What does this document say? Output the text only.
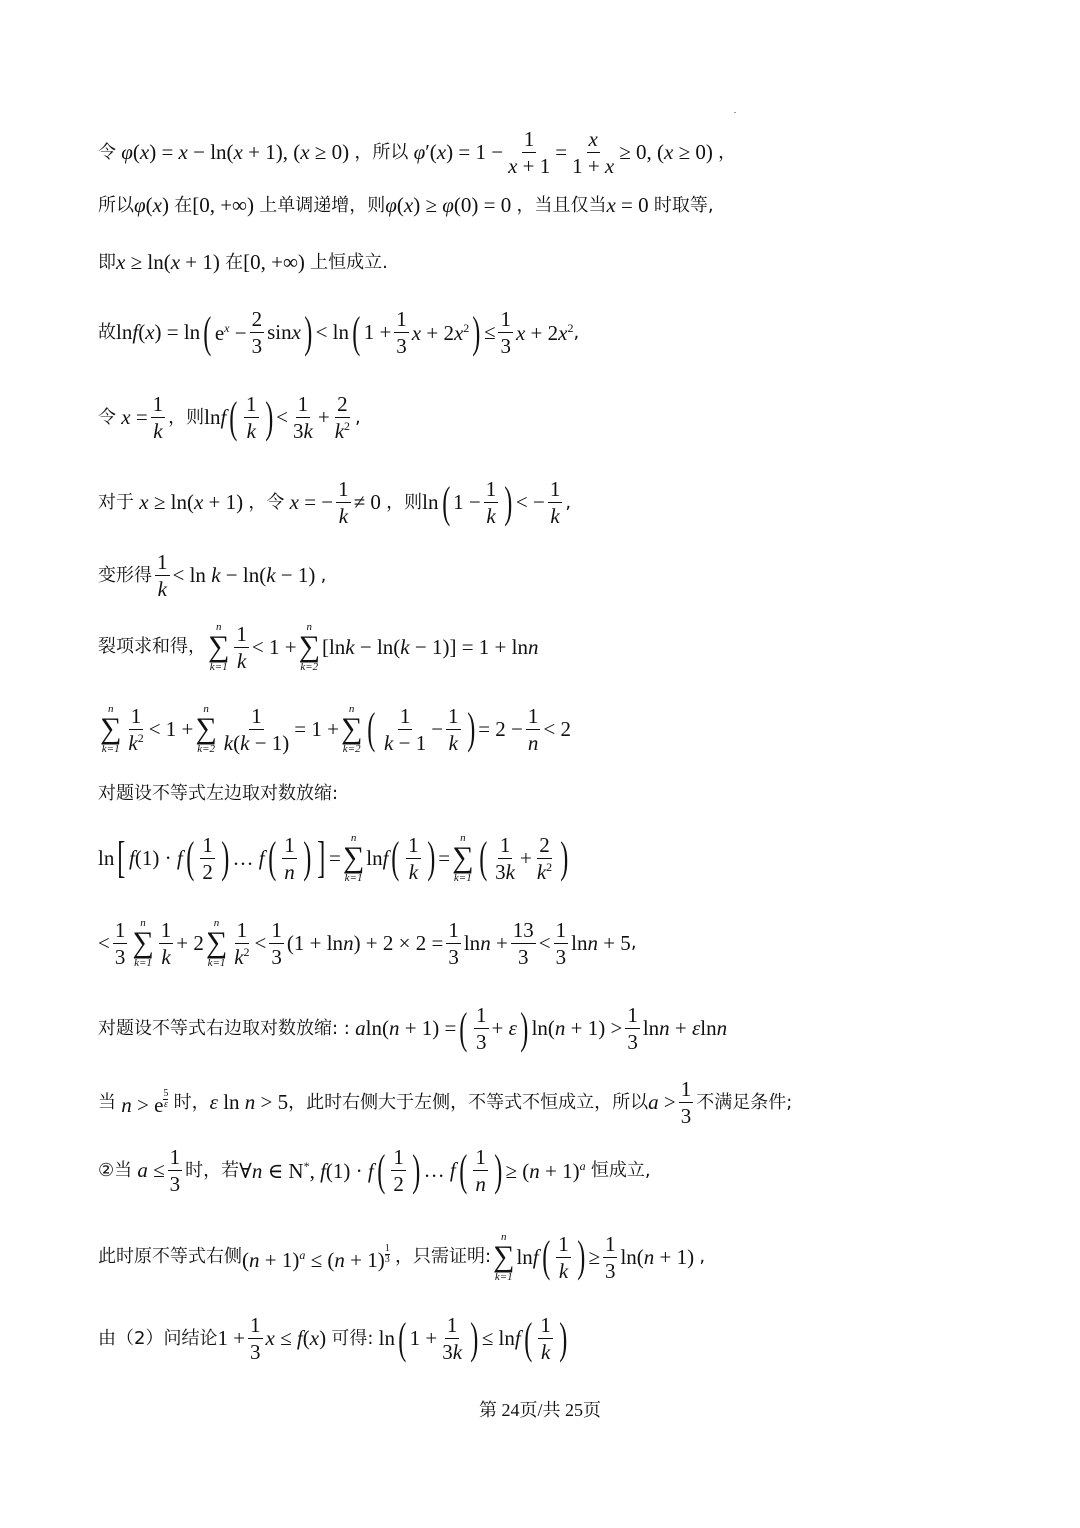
令 φ(x) = x − ln(x + 1), (x ≥ 0) ，所以 $\varphi'(x) = 1 - \frac{1}{x + 1} = \frac{x}{1 + x} \ge 0$, (x ≥ 0) ，
所以 φ(x) 在 [0, +∞) 上单调递增，则 φ(x) ≥ φ(0) = 0 ，当且仅当 x = 0 时取等,
即 x ≥ ln(x + 1) 在 [0, +∞) 上恒成立.
故 lnf(x) = ln ( $e^x - \frac{2}{3}$ sinx ) < ln ( $1 + \frac{1}{3}$ $x + 2x^2$ ) ≤ $\frac{1}{3}$ $x + 2x^2$ ,
令 $x = \frac{1}{k}$ ，则 lnf ( $\frac{1}{k}$ ) < $\frac{1}{3k} + \frac{2}{k^2}$ ,
对于 x ≥ ln(x + 1) ，令 x = − $\frac{1}{k} \ne 0$ ，则 ln ( $1 - \frac{1}{k}$ ) < − $\frac{1}{k}$ ,
变形得 $\frac{1}{k} < \ln k - \ln(k - 1)$ ,
裂项求和得，
n
∑
$k=1 \frac{1}{k} < 1$ +
n
∑
k=2
[lnk − ln(k − 1)] = 1 + lnn
n
∑
$k=1 \frac{1}{k^2} < 1$ +
n
∑
$k=2 \frac{1}{k(k - 1)} = 1$ +
n
∑
k=2 ( $\frac{1}{k - 1} - \frac{1}{k}$ ) = $2 - \frac{1}{n} < 2$
对题设不等式左边取对数放缩:
ln [ f(1) · f ( $\frac{1}{2}$ ) … f ( $\frac{1}{n}$ ) ] =
n
∑
k=1
lnf ( $\frac{1}{k}$ ) =
n
∑
k=1 ( $\frac{1}{3k} + \frac{2}{k^2}$ )
< $\frac{1}{3}$ n
∑
$k=1 \frac{1}{k} + 2$
n
∑
$k=1 \frac{1}{k^2} < \frac{1}{3} (1 + \ln n) + 2 \times 2 = \frac{1}{3}$ $\ln n + \frac{13}{3} < \frac{1}{3}$ lnn + 5 ,
对题设不等式右边取对数放缩: : aln(n + 1) = ( $\frac{1}{3} + \varepsilon$ ) $\ln(n + 1) > \frac{1}{3}$ lnn + εlnn
当 n > e $^{\frac{5}{\varepsilon}}$
时， ε ln n > 5 ，此时右侧大于左侧，不等式不恒成立，所以 $a > \frac{1}{3}$ 不满足条件;
②当 $a \le \frac{1}{3}$ 时，若 ∀n ∈ N*, f(1) · f ( $\frac{1}{2}$ ) … f ( $\frac{1}{n}$ ) ≥ $(n + 1)^a$ 恒成立,
此时原不等式右侧 $(n + 1)^a \le (n + 1)$ $^{\frac{1}{3}}$
，只需证明:
n
∑
k=1
lnf ( $\frac{1}{k}$ ) ≥ $\frac{1}{3} \ln(n + 1)$ ,
由（2）问结论 $1 + \frac{1}{3}$ x ≤ f(x) 可得: ln ( $1 + \frac{1}{3k}$ ) ≤ lnf ( $\frac{1}{k}$ )
第 24页/共 25页
